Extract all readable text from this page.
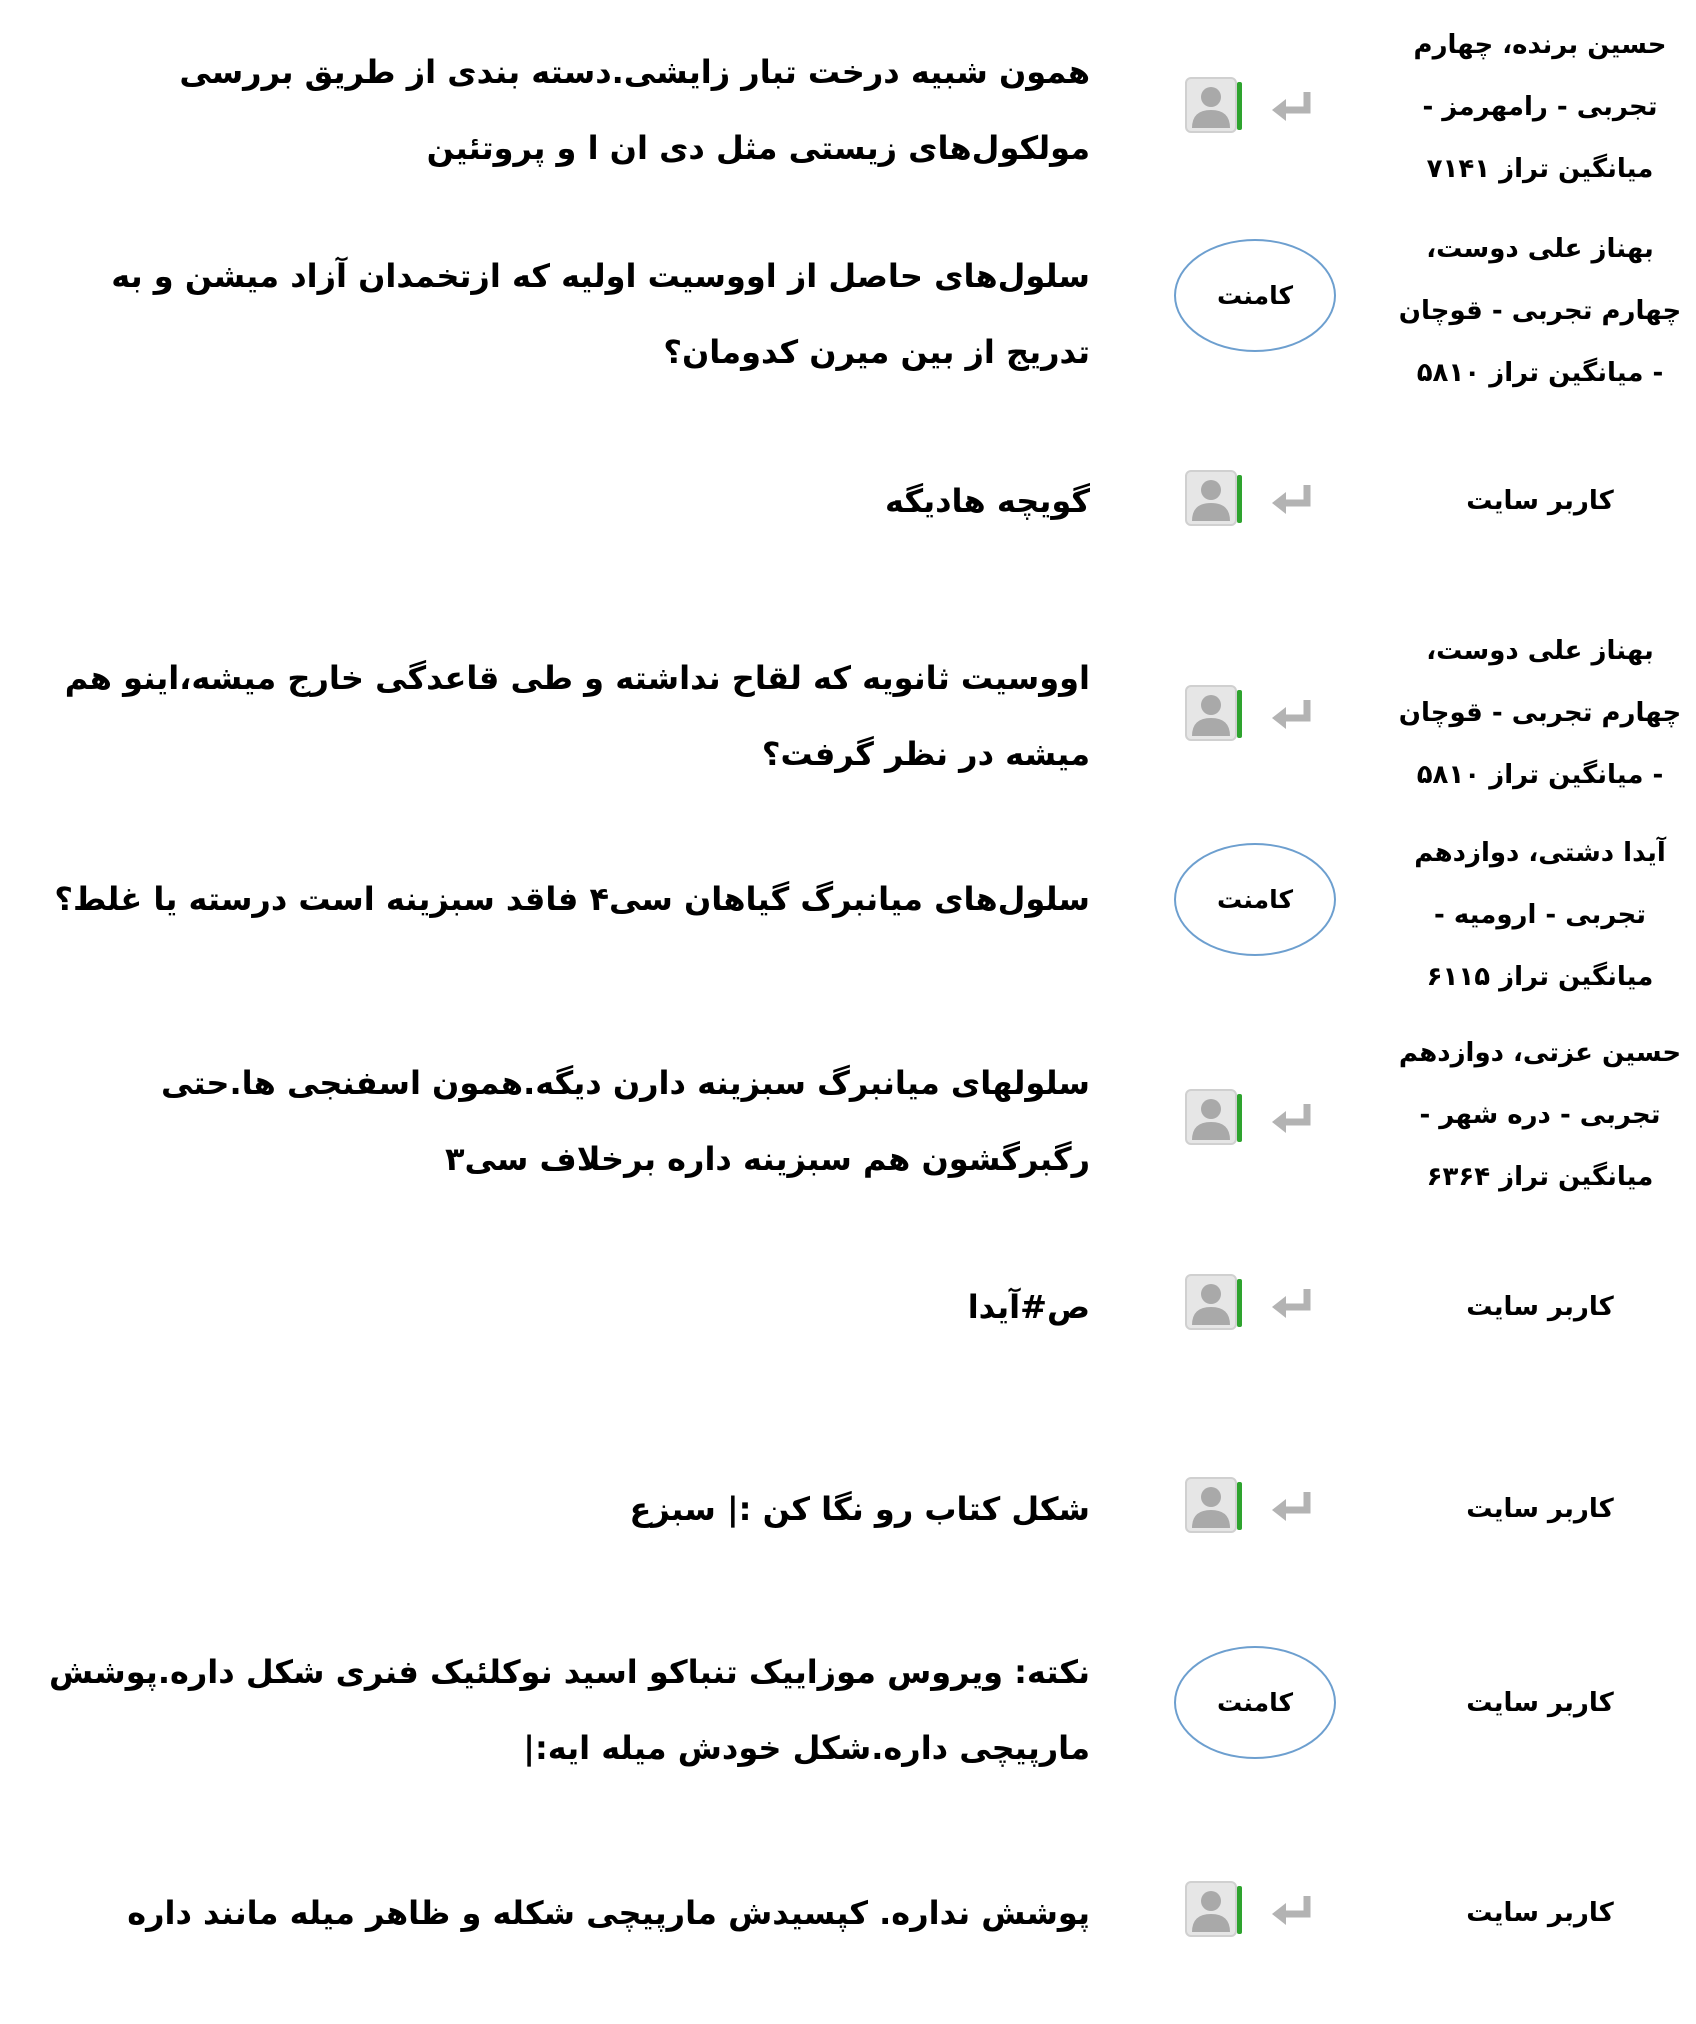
حسین برنده، چهارم تجربی - رامهرمز - میانگین تراز ۷۱۴۱
همون شبیه درخت تبار زایشی.دسته بندی از طریق بررسی مولکول‌های زیستی مثل دی ان ا و پروتئین
بهناز علی دوست، چهارم تجربی - قوچان - میانگین تراز ۵۸۱۰
کامنت
سلول‌های حاصل از اووسیت اولیه که ازتخمدان آزاد میشن و به تدریج از بین میرن کدومان؟
کاربر سایت
گویچه هادیگه
بهناز علی دوست، چهارم تجربی - قوچان - میانگین تراز ۵۸۱۰
اووسیت ثانویه که لقاح نداشته و طی قاعدگی خارج میشه،اینو هم میشه در نظر گرفت؟
آیدا دشتی، دوازدهم تجربی - ارومیه - میانگین تراز ۶۱۱۵
کامنت
سلول‌های میانبرگ گیاهان سی۴ فاقد سبزینه است درسته یا غلط؟
حسین عزتی، دوازدهم تجربی - دره شهر - میانگین تراز ۶۳۶۴
سلولهای میانبرگ سبزینه دارن دیگه.همون اسفنجی ها.حتی رگبرگشون هم سبزینه داره برخلاف سی۳
کاربر سایت
ص#آیدا
کاربر سایت
شکل کتاب رو نگا کن :| سبزع
کاربر سایت
کامنت
نکته: ویروس موزاییک تنباکو اسید نوکلئیک فنری شکل داره.پوشش مارپیچی داره.شکل خودش میله ایه:|
کاربر سایت
پوشش نداره. کپسیدش مارپیچی شکله و ظاهر میله مانند داره
